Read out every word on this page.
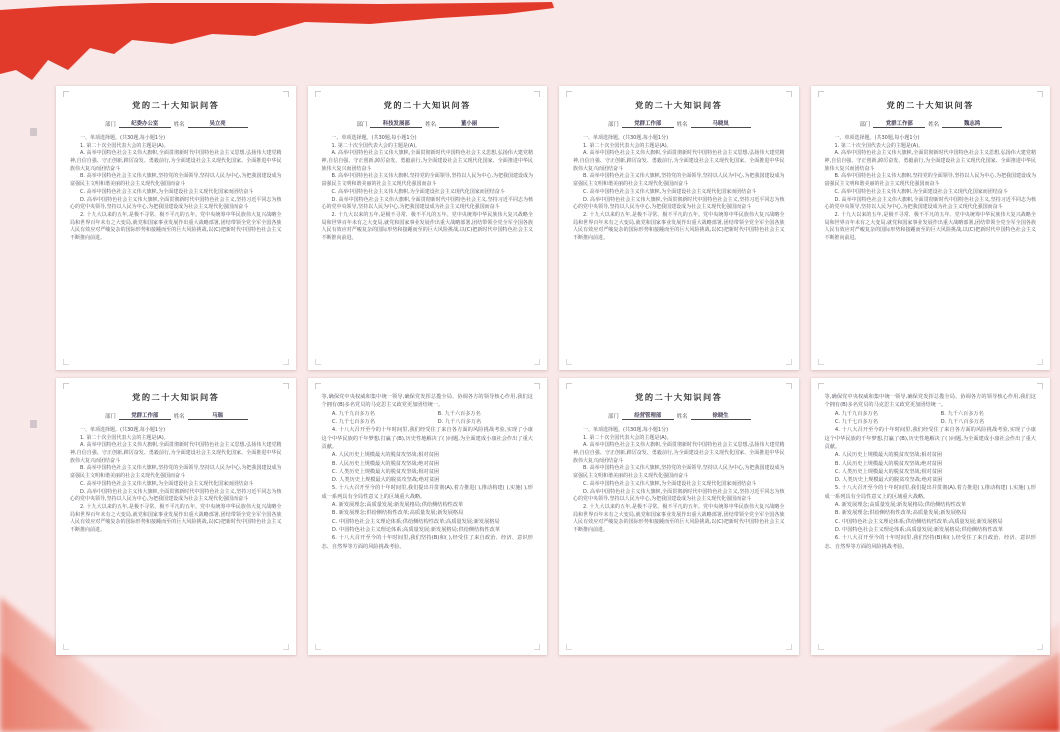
党的二十大知识问答
部门	纪委办公室	姓名	吴立亮
一、单项选择题。(共30题,每小题1分)
1. 第二十次全国代表大会的主题是(A)。
A. 高举中国特色社会主义伟大旗帜,全面贯彻新时代中国特色社会主义思想,弘扬伟大建党精神,自信自强、守正创新,踔厉奋发、勇毅前行,为全面建设社会主义现代化国家、全面推进中华民族伟大复兴而团结奋斗
B. 高举中国特色社会主义伟大旗帜,坚持党的全面领导,坚持以人民为中心,为把我国建设成为富强民主文明和谐美丽的社会主义现代化强国而奋斗
C. 高举中国特色社会主义伟大旗帜,为全面建设社会主义现代化国家而团结奋斗
D. 高举中国特色社会主义伟大旗帜,全面贯彻新时代中国特色社会主义,坚持习近平同志为核心的党中央领导,坚持以人民为中心,为把我国建设成为社会主义现代化强国而奋斗
2. 十九大以来的五年,是极不寻常、极不平凡的五年。党中央统筹中华民族伟大复兴战略全局和世界百年未有之大变局,就党和国家事业发展作出重大战略部署,团结带领全党全军全国各族人民有效应对严峻复杂的国际形势和接踵而至的巨大风险挑战,以(C)把新时代中国特色社会主义不断推向前进。
党的二十大知识问答
部门	科技发展部	姓名	董小丽
一、单项选择题。(共30题,每小题1分)
1. 第二十次全国代表大会的主题是(A)。
A. 高举中国特色社会主义伟大旗帜,全面贯彻新时代中国特色社会主义思想,弘扬伟大建党精神,自信自强、守正创新,踔厉奋发、勇毅前行,为全面建设社会主义现代化国家、全面推进中华民族伟大复兴而团结奋斗
B. 高举中国特色社会主义伟大旗帜,坚持党的全面领导,坚持以人民为中心,为把我国建设成为富强民主文明和谐美丽的社会主义现代化强国而奋斗
C. 高举中国特色社会主义伟大旗帜,为全面建设社会主义现代化国家而团结奋斗
D. 高举中国特色社会主义伟大旗帜,全面贯彻新时代中国特色社会主义,坚持习近平同志为核心的党中央领导,坚持以人民为中心,为把我国建设成为社会主义现代化强国而奋斗
2. 十九大以来的五年,是极不寻常、极不平凡的五年。党中央统筹中华民族伟大复兴战略全局和世界百年未有之大变局,就党和国家事业发展作出重大战略部署,团结带领全党全军全国各族人民有效应对严峻复杂的国际形势和接踵而至的巨大风险挑战,以(C)把新时代中国特色社会主义不断推向前进。
党的二十大知识问答
部门	党群工作部	姓名	马晓岚
一、单项选择题。(共30题,每小题1分)
1. 第二十次全国代表大会的主题是(A)。
A. 高举中国特色社会主义伟大旗帜,全面贯彻新时代中国特色社会主义思想,弘扬伟大建党精神,自信自强、守正创新,踔厉奋发、勇毅前行,为全面建设社会主义现代化国家、全面推进中华民族伟大复兴而团结奋斗
B. 高举中国特色社会主义伟大旗帜,坚持党的全面领导,坚持以人民为中心,为把我国建设成为富强民主文明和谐美丽的社会主义现代化强国而奋斗
C. 高举中国特色社会主义伟大旗帜,为全面建设社会主义现代化国家而团结奋斗
D. 高举中国特色社会主义伟大旗帜,全面贯彻新时代中国特色社会主义,坚持习近平同志为核心的党中央领导,坚持以人民为中心,为把我国建设成为社会主义现代化强国而奋斗
2. 十九大以来的五年,是极不寻常、极不平凡的五年。党中央统筹中华民族伟大复兴战略全局和世界百年未有之大变局,就党和国家事业发展作出重大战略部署,团结带领全党全军全国各族人民有效应对严峻复杂的国际形势和接踵而至的巨大风险挑战,以(C)把新时代中国特色社会主义不断推向前进。
党的二十大知识问答
部门	党群工作部	姓名	魏志鸿
一、单项选择题。(共30题,每小题1分)
1. 第二十次全国代表大会的主题是(A)。
A. 高举中国特色社会主义伟大旗帜,全面贯彻新时代中国特色社会主义思想,弘扬伟大建党精神,自信自强、守正创新,踔厉奋发、勇毅前行,为全面建设社会主义现代化国家、全面推进中华民族伟大复兴而团结奋斗
B. 高举中国特色社会主义伟大旗帜,坚持党的全面领导,坚持以人民为中心,为把我国建设成为富强民主文明和谐美丽的社会主义现代化强国而奋斗
C. 高举中国特色社会主义伟大旗帜,为全面建设社会主义现代化国家而团结奋斗
D. 高举中国特色社会主义伟大旗帜,全面贯彻新时代中国特色社会主义,坚持习近平同志为核心的党中央领导,坚持以人民为中心,为把我国建设成为社会主义现代化强国而奋斗
2. 十九大以来的五年,是极不寻常、极不平凡的五年。党中央统筹中华民族伟大复兴战略全局和世界百年未有之大变局,就党和国家事业发展作出重大战略部署,团结带领全党全军全国各族人民有效应对严峻复杂的国际形势和接踵而至的巨大风险挑战,以(C)把新时代中国特色社会主义不断推向前进。
党的二十大知识问答
部门	党群工作部	姓名	马瑞
一、单项选择题。(共30题,每小题1分)
1. 第二十次全国代表大会的主题是(A)。
A. 高举中国特色社会主义伟大旗帜,全面贯彻新时代中国特色社会主义思想,弘扬伟大建党精神,自信自强、守正创新,踔厉奋发、勇毅前行,为全面建设社会主义现代化国家、全面推进中华民族伟大复兴而团结奋斗
B. 高举中国特色社会主义伟大旗帜,坚持党的全面领导,坚持以人民为中心,为把我国建设成为富强民主文明和谐美丽的社会主义现代化强国而奋斗
C. 高举中国特色社会主义伟大旗帜,为全面建设社会主义现代化国家而团结奋斗
D. 高举中国特色社会主义伟大旗帜,全面贯彻新时代中国特色社会主义,坚持习近平同志为核心的党中央领导,坚持以人民为中心,为把我国建设成为社会主义现代化强国而奋斗
2. 十九大以来的五年,是极不寻常、极不平凡的五年。党中央统筹中华民族伟大复兴战略全局和世界百年未有之大变局,就党和国家事业发展作出重大战略部署,团结带领全党全军全国各族人民有效应对严峻复杂的国际形势和接踵而至的巨大风险挑战,以(C)把新时代中国特色社会主义不断推向前进。
等,确保党中央权威和集中统一领导,确保党发挥总揽全局、协调各方的领导核心作用,我们这个拥有(B)多名党员的马克思主义政党更加团结统一。
A. 九千九百多万名	B. 九千六百多万名
C. 九千七百多万名	D. 九千八百多万名
4. 十八大召开至今的十年时间里,我们经受住了来自各方面的风险挑战考验,实现了小康这个中华民族的千年梦想,打赢了(B),历史性地解决了( )问题,为全面建成小康社会作出了重大贡献。
A. 人民历史上规模最大的脱贫攻坚战;相对贫困
B. 人民历史上规模最大的脱贫攻坚战;绝对贫困
C. 人类历史上规模最大的脱贫攻坚战;相对贫困
D. 人类历史上规模最大的脱贫攻坚战;绝对贫困
5. 十八大召开至今的十年时间里,我们提出并贯彻(A),着力推进( ),推动构建( ),实施( ),形成一系列具有全局性意义上的区域重大战略。
A. 新发展理念;高质量发展;新发展格局;供给侧结构性改革
B. 新发展理念;供给侧结构性改革;高质量发展;新发展格局
C. 中国特色社会主义理论体系;供给侧结构性改革;高质量发展;新发展格局
D. 中国特色社会主义理论体系;高质量发展;新发展格局;供给侧结构性改革
6. 十八大召开至今的十年时间里,我们坚持(B)和( ),经受住了来自政治、经济、意识形态、自然界等方面的风险挑战考验。
党的二十大知识问答
部门	经营管理部	姓名	徐晓生
一、单项选择题。(共30题,每小题1分)
1. 第二十次全国代表大会的主题是(A)。
A. 高举中国特色社会主义伟大旗帜,全面贯彻新时代中国特色社会主义思想,弘扬伟大建党精神,自信自强、守正创新,踔厉奋发、勇毅前行,为全面建设社会主义现代化国家、全面推进中华民族伟大复兴而团结奋斗
B. 高举中国特色社会主义伟大旗帜,坚持党的全面领导,坚持以人民为中心,为把我国建设成为富强民主文明和谐美丽的社会主义现代化强国而奋斗
C. 高举中国特色社会主义伟大旗帜,为全面建设社会主义现代化国家而团结奋斗
D. 高举中国特色社会主义伟大旗帜,全面贯彻新时代中国特色社会主义,坚持习近平同志为核心的党中央领导,坚持以人民为中心,为把我国建设成为社会主义现代化强国而奋斗
2. 十九大以来的五年,是极不寻常、极不平凡的五年。党中央统筹中华民族伟大复兴战略全局和世界百年未有之大变局,就党和国家事业发展作出重大战略部署,团结带领全党全军全国各族人民有效应对严峻复杂的国际形势和接踵而至的巨大风险挑战,以(C)把新时代中国特色社会主义不断推向前进。
等,确保党中央权威和集中统一领导,确保党发挥总揽全局、协调各方的领导核心作用,我们这个拥有(B)多名党员的马克思主义政党更加团结统一。
A. 九千九百多万名	B. 九千六百多万名
C. 九千七百多万名	D. 九千八百多万名
4. 十八大召开至今的十年时间里,我们经受住了来自各方面的风险挑战考验,实现了小康这个中华民族的千年梦想,打赢了(B),历史性地解决了( )问题,为全面建成小康社会作出了重大贡献。
A. 人民历史上规模最大的脱贫攻坚战;相对贫困
B. 人民历史上规模最大的脱贫攻坚战;绝对贫困
C. 人类历史上规模最大的脱贫攻坚战;相对贫困
D. 人类历史上规模最大的脱贫攻坚战;绝对贫困
5. 十八大召开至今的十年时间里,我们提出并贯彻(A),着力推进( ),推动构建( ),实施( ),形成一系列具有全局性意义上的区域重大战略。
A. 新发展理念;高质量发展;新发展格局;供给侧结构性改革
B. 新发展理念;供给侧结构性改革;高质量发展;新发展格局
C. 中国特色社会主义理论体系;供给侧结构性改革;高质量发展;新发展格局
D. 中国特色社会主义理论体系;高质量发展;新发展格局;供给侧结构性改革
6. 十八大召开至今的十年时间里,我们坚持(B)和( ),经受住了来自政治、经济、意识形态、自然界等方面的风险挑战考验。
